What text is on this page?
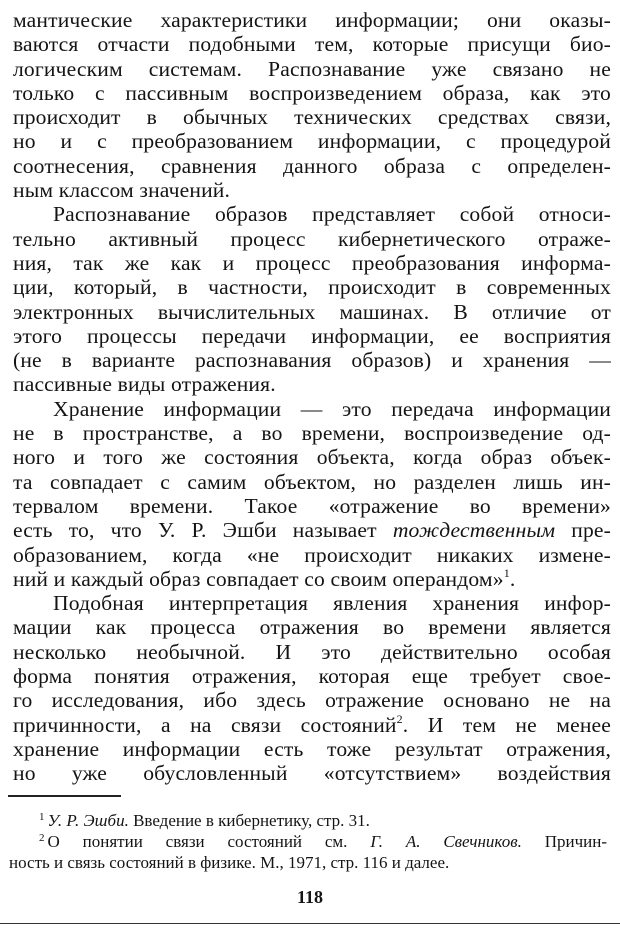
мантические характеристики информации; они оказы-
ваются отчасти подобными тем, которые присущи био-
логическим системам. Распознавание уже связано не
только с пассивным воспроизведением образа, как это
происходит в обычных технических средствах связи,
но и с преобразованием информации, с процедурой
соотнесения, сравнения данного образа с определен-
ным классом значений.
Распознавание образов представляет собой относи-
тельно активный процесс кибернетического отраже-
ния, так же как и процесс преобразования информа-
ции, который, в частности, происходит в современных
электронных вычислительных машинах. В отличие от
этого процессы передачи информации, ее восприятия
(не в варианте распознавания образов) и хранения —
пассивные виды отражения.
Хранение информации — это передача информации
не в пространстве, а во времени, воспроизведение од-
ного и того же состояния объекта, когда образ объек-
та совпадает с самим объектом, но разделен лишь ин-
тервалом времени. Такое «отражение во времени»
есть то, что У. Р. Эшби называет тождественным пре-
образованием, когда «не происходит никаких измене-
ний и каждый образ совпадает со своим операндом»$^1$.
Подобная интерпретация явления хранения инфор-
мации как процесса отражения во времени является
несколько необычной. И это действительно особая
форма понятия отражения, которая еще требует свое-
го исследования, ибо здесь отражение основано не на
причинности, а на связи состояний$^2$. И тем не менее
хранение информации есть тоже результат отражения,
но уже обусловленный «отсутствием» воздействия
$^1$ У. Р. Эшби. Введение в кибернетику, стр. 31.
$^2$ О понятии связи состояний см. Г. А. Свечников. Причин-
ность и связь состояний в физике. М., 1971, стр. 116 и далее.
118
